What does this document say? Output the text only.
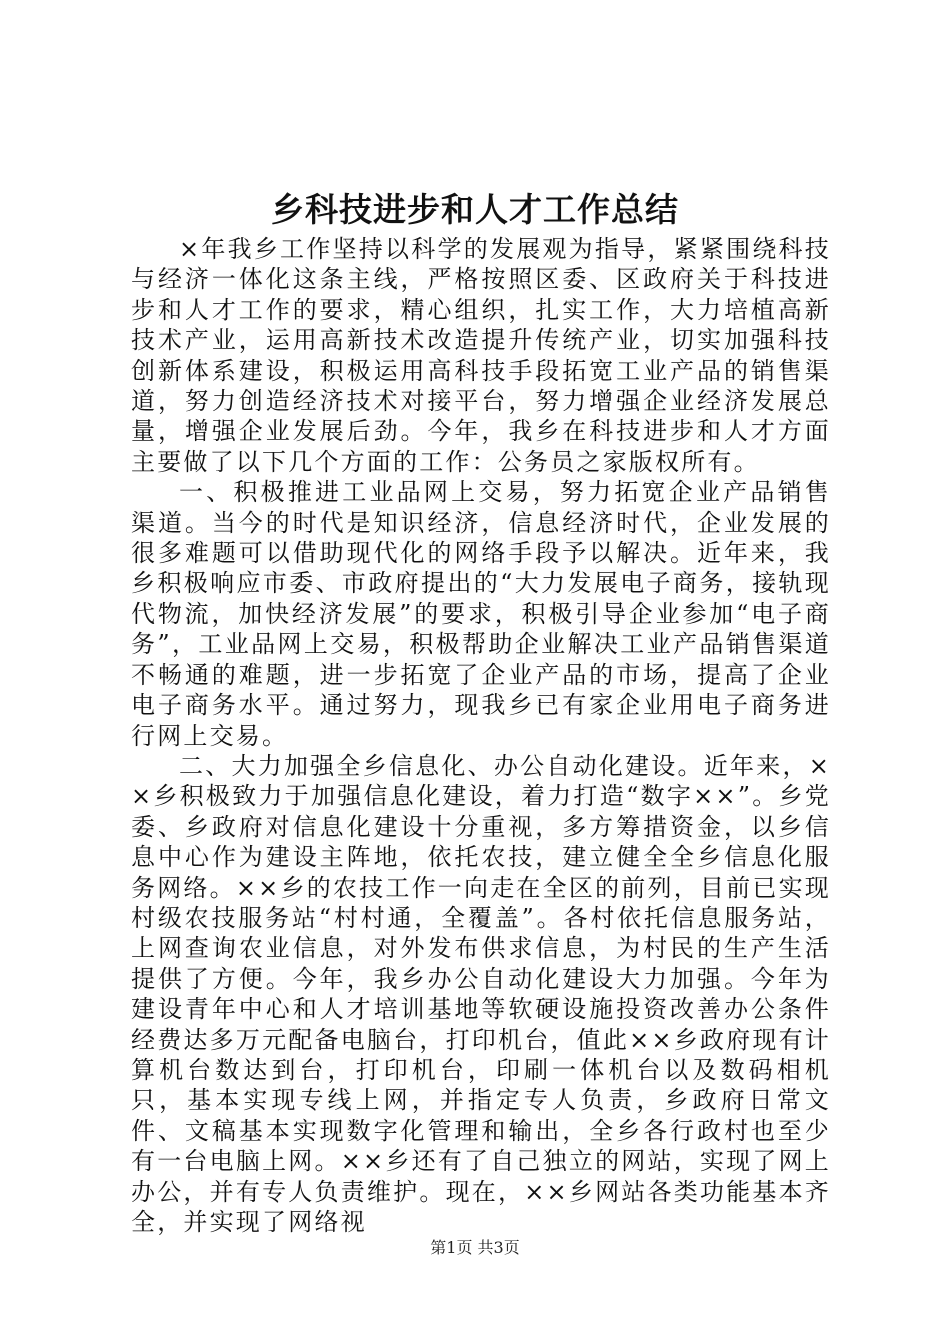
乡科技进步和人才工作总结

×年我乡工作坚持以科学的发展观为指导，紧紧围绕科技与经济一体化这条主线，严格按照区委、区政府关于科技进步和人才工作的要求，精心组织，扎实工作，大力培植高新技术产业，运用高新技术改造提升传统产业，切实加强科技创新体系建设，积极运用高科技手段拓宽工业产品的销售渠道，努力创造经济技术对接平台，努力增强企业经济发展总量，增强企业发展后劲。今年，我乡在科技进步和人才方面主要做了以下几个方面的工作：公务员之家版权所有。

一、积极推进工业品网上交易，努力拓宽企业产品销售渠道。当今的时代是知识经济，信息经济时代，企业发展的很多难题可以借助现代化的网络手段予以解决。近年来，我乡积极响应市委、市政府提出的“大力发展电子商务，接轨现代物流，加快经济发展”的要求，积极引导企业参加“电子商务”，工业品网上交易，积极帮助企业解决工业产品销售渠道不畅通的难题，进一步拓宽了企业产品的市场，提高了企业电子商务水平。通过努力，现我乡已有家企业用电子商务进行网上交易。

二、大力加强全乡信息化、办公自动化建设。近年来，××乡积极致力于加强信息化建设，着力打造“数字××”。乡党委、乡政府对信息化建设十分重视，多方筹措资金，以乡信息中心作为建设主阵地，依托农技，建立健全全乡信息化服务网络。××乡的农技工作一向走在全区的前列，目前已实现村级农技服务站“村村通，全覆盖”。各村依托信息服务站，上网查询农业信息，对外发布供求信息，为村民的生产生活提供了方便。今年，我乡办公自动化建设大力加强。今年为建设青年中心和人才培训基地等软硬设施投资改善办公条件经费达多万元配备电脑台，打印机台，值此××乡政府现有计算机台数达到台，打印机台，印刷一体机台以及数码相机只，基本实现专线上网，并指定专人负责，乡政府日常文件、文稿基本实现数字化管理和输出，全乡各行政村也至少有一台电脑上网。××乡还有了自己独立的网站，实现了网上办公，并有专人负责维护。现在，××乡网站各类功能基本齐全，并实现了网络视

第1页 共3页
